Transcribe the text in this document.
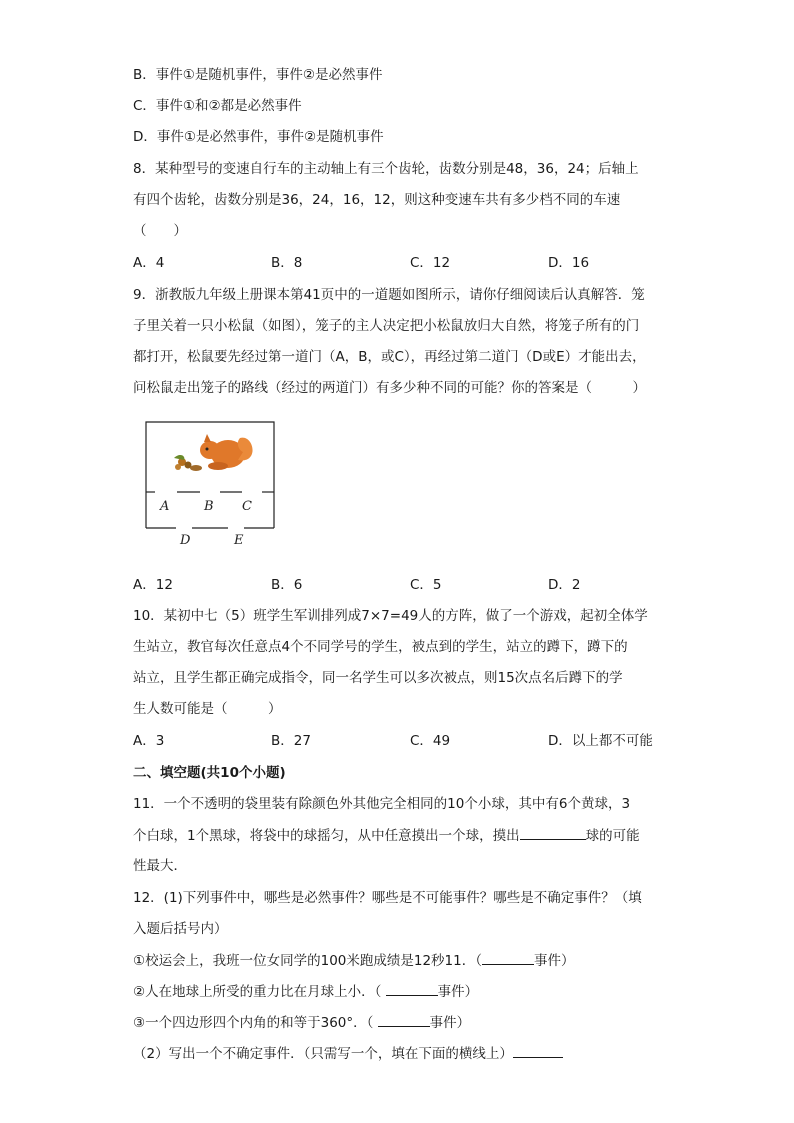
B．事件①是随机事件，事件②是必然事件
C．事件①和②都是必然事件
D．事件①是必然事件，事件②是随机事件
8．某种型号的变速自行车的主动轴上有三个齿轮，齿数分别是48，36，24；后轴上
有四个齿轮，齿数分别是36，24，16，12，则这种变速车共有多少档不同的车速
（　　）
A．4	B．8	C．12	D．16
9．浙教版九年级上册课本第41页中的一道题如图所示，请你仔细阅读后认真解答．笼
子里关着一只小松鼠（如图），笼子的主人决定把小松鼠放归大自然，将笼子所有的门
都打开，松鼠要先经过第一道门（A，B，或C），再经过第二道门（D或E）才能出去，
问松鼠走出笼子的路线（经过的两道门）有多少种不同的可能？你的答案是（　　　）
A	B C
D	E
A．12	B．6	C．5	D．2
10．某初中七（5）班学生军训排列成7×7=49人的方阵，做了一个游戏，起初全体学
生站立，教官每次任意点4个不同学号的学生，被点到的学生，站立的蹲下，蹲下的
站立，且学生都正确完成指令，同一名学生可以多次被点，则15次点名后蹲下的学
生人数可能是（　　　）
A．3	B．27	C．49	D．以上都不可能
二、填空题(共10个小题)
11．一个不透明的袋里装有除颜色外其他完全相同的10个小球，其中有6个黄球，3
个白球，1个黑球，将袋中的球摇匀，从中任意摸出一个球，摸出	球的可能
性最大．
12．(1)下列事件中，哪些是必然事件？哪些是不可能事件？哪些是不确定事件？（填
入题后括号内）
①校运会上，我班一位女同学的100米跑成绩是12秒11．（	事件）
②人在地球上所受的重力比在月球上小．（	事件）
③一个四边形四个内角的和等于360°．（	事件）
（2）写出一个不确定事件．（只需写一个，填在下面的横线上）
